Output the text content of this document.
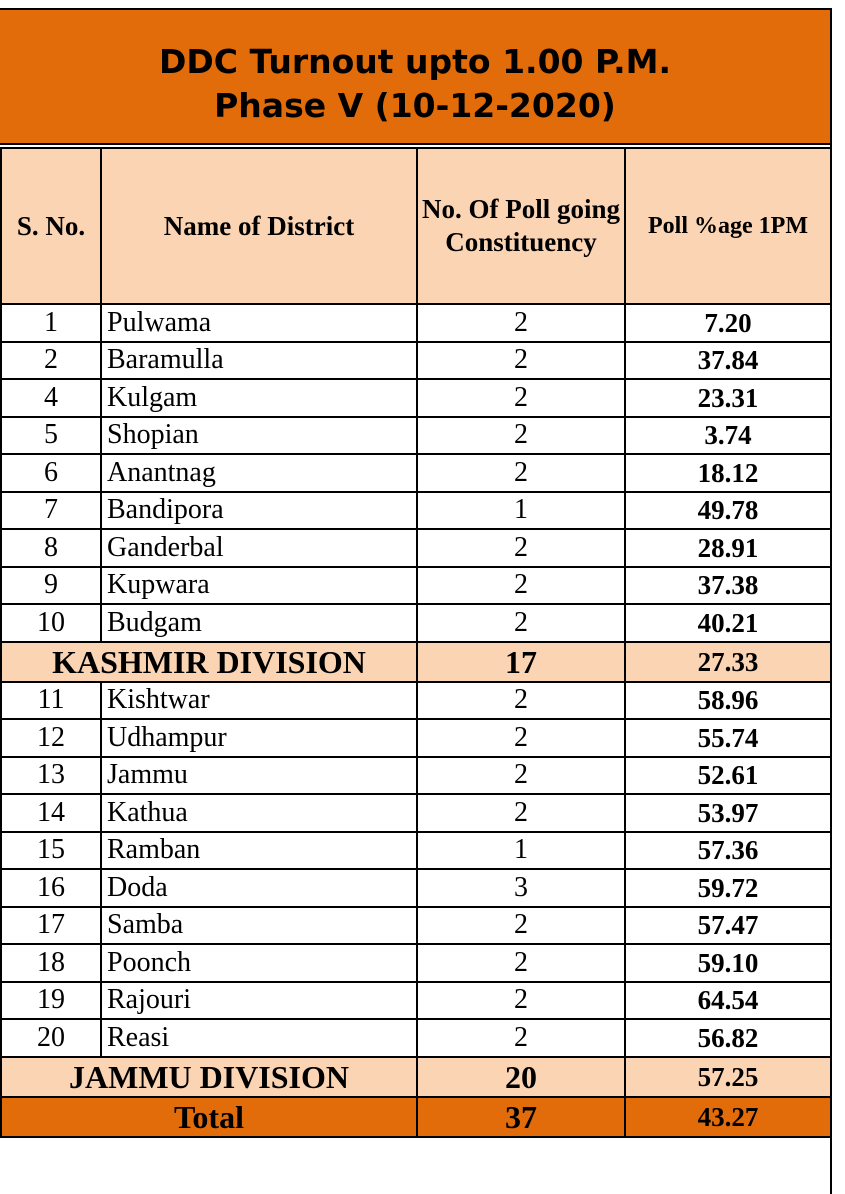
DDC Turnout upto 1.00 P.M.
Phase V (10-12-2020)
S. No.	Name of District	No. Of Poll going Constituency	Poll %age 1PM
1	Pulwama	2	7.20
2	Baramulla	2	37.84
4	Kulgam	2	23.31
5	Shopian	2	3.74
6	Anantnag	2	18.12
7	Bandipora	1	49.78
8	Ganderbal	2	28.91
9	Kupwara	2	37.38
10	Budgam	2	40.21
KASHMIR DIVISION		17	27.33
11	Kishtwar	2	58.96
12	Udhampur	2	55.74
13	Jammu	2	52.61
14	Kathua	2	53.97
15	Ramban	1	57.36
16	Doda	3	59.72
17	Samba	2	57.47
18	Poonch	2	59.10
19	Rajouri	2	64.54
20	Reasi	2	56.82
JAMMU DIVISION		20	57.25
Total		37	43.27
